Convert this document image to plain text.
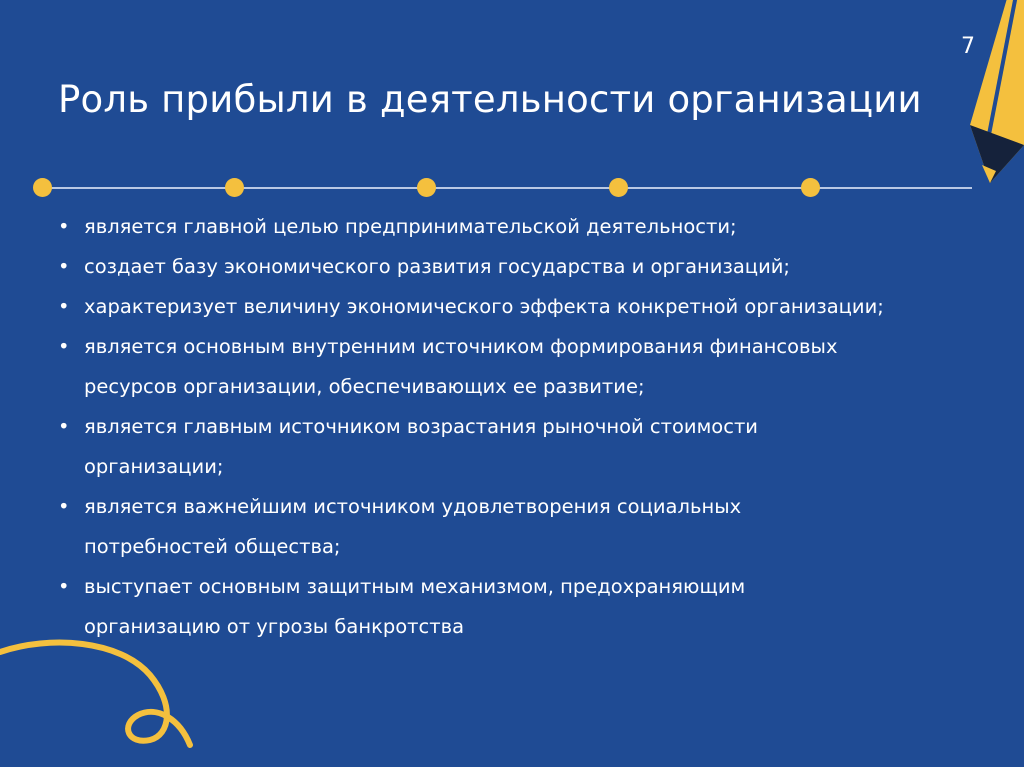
7
Роль прибыли в деятельности организации
• является главной целью предпринимательской деятельности;
• создает базу экономического развития государства и организаций;
• характеризует величину экономического эффекта конкретной организации;
• является основным внутренним источником формирования финансовых
ресурсов организации, обеспечивающих ее развитие;
• является главным источником возрастания рыночной стоимости
организации;
• является важнейшим источником удовлетворения социальных
потребностей общества;
• выступает основным защитным механизмом, предохраняющим
организацию от угрозы банкротства
